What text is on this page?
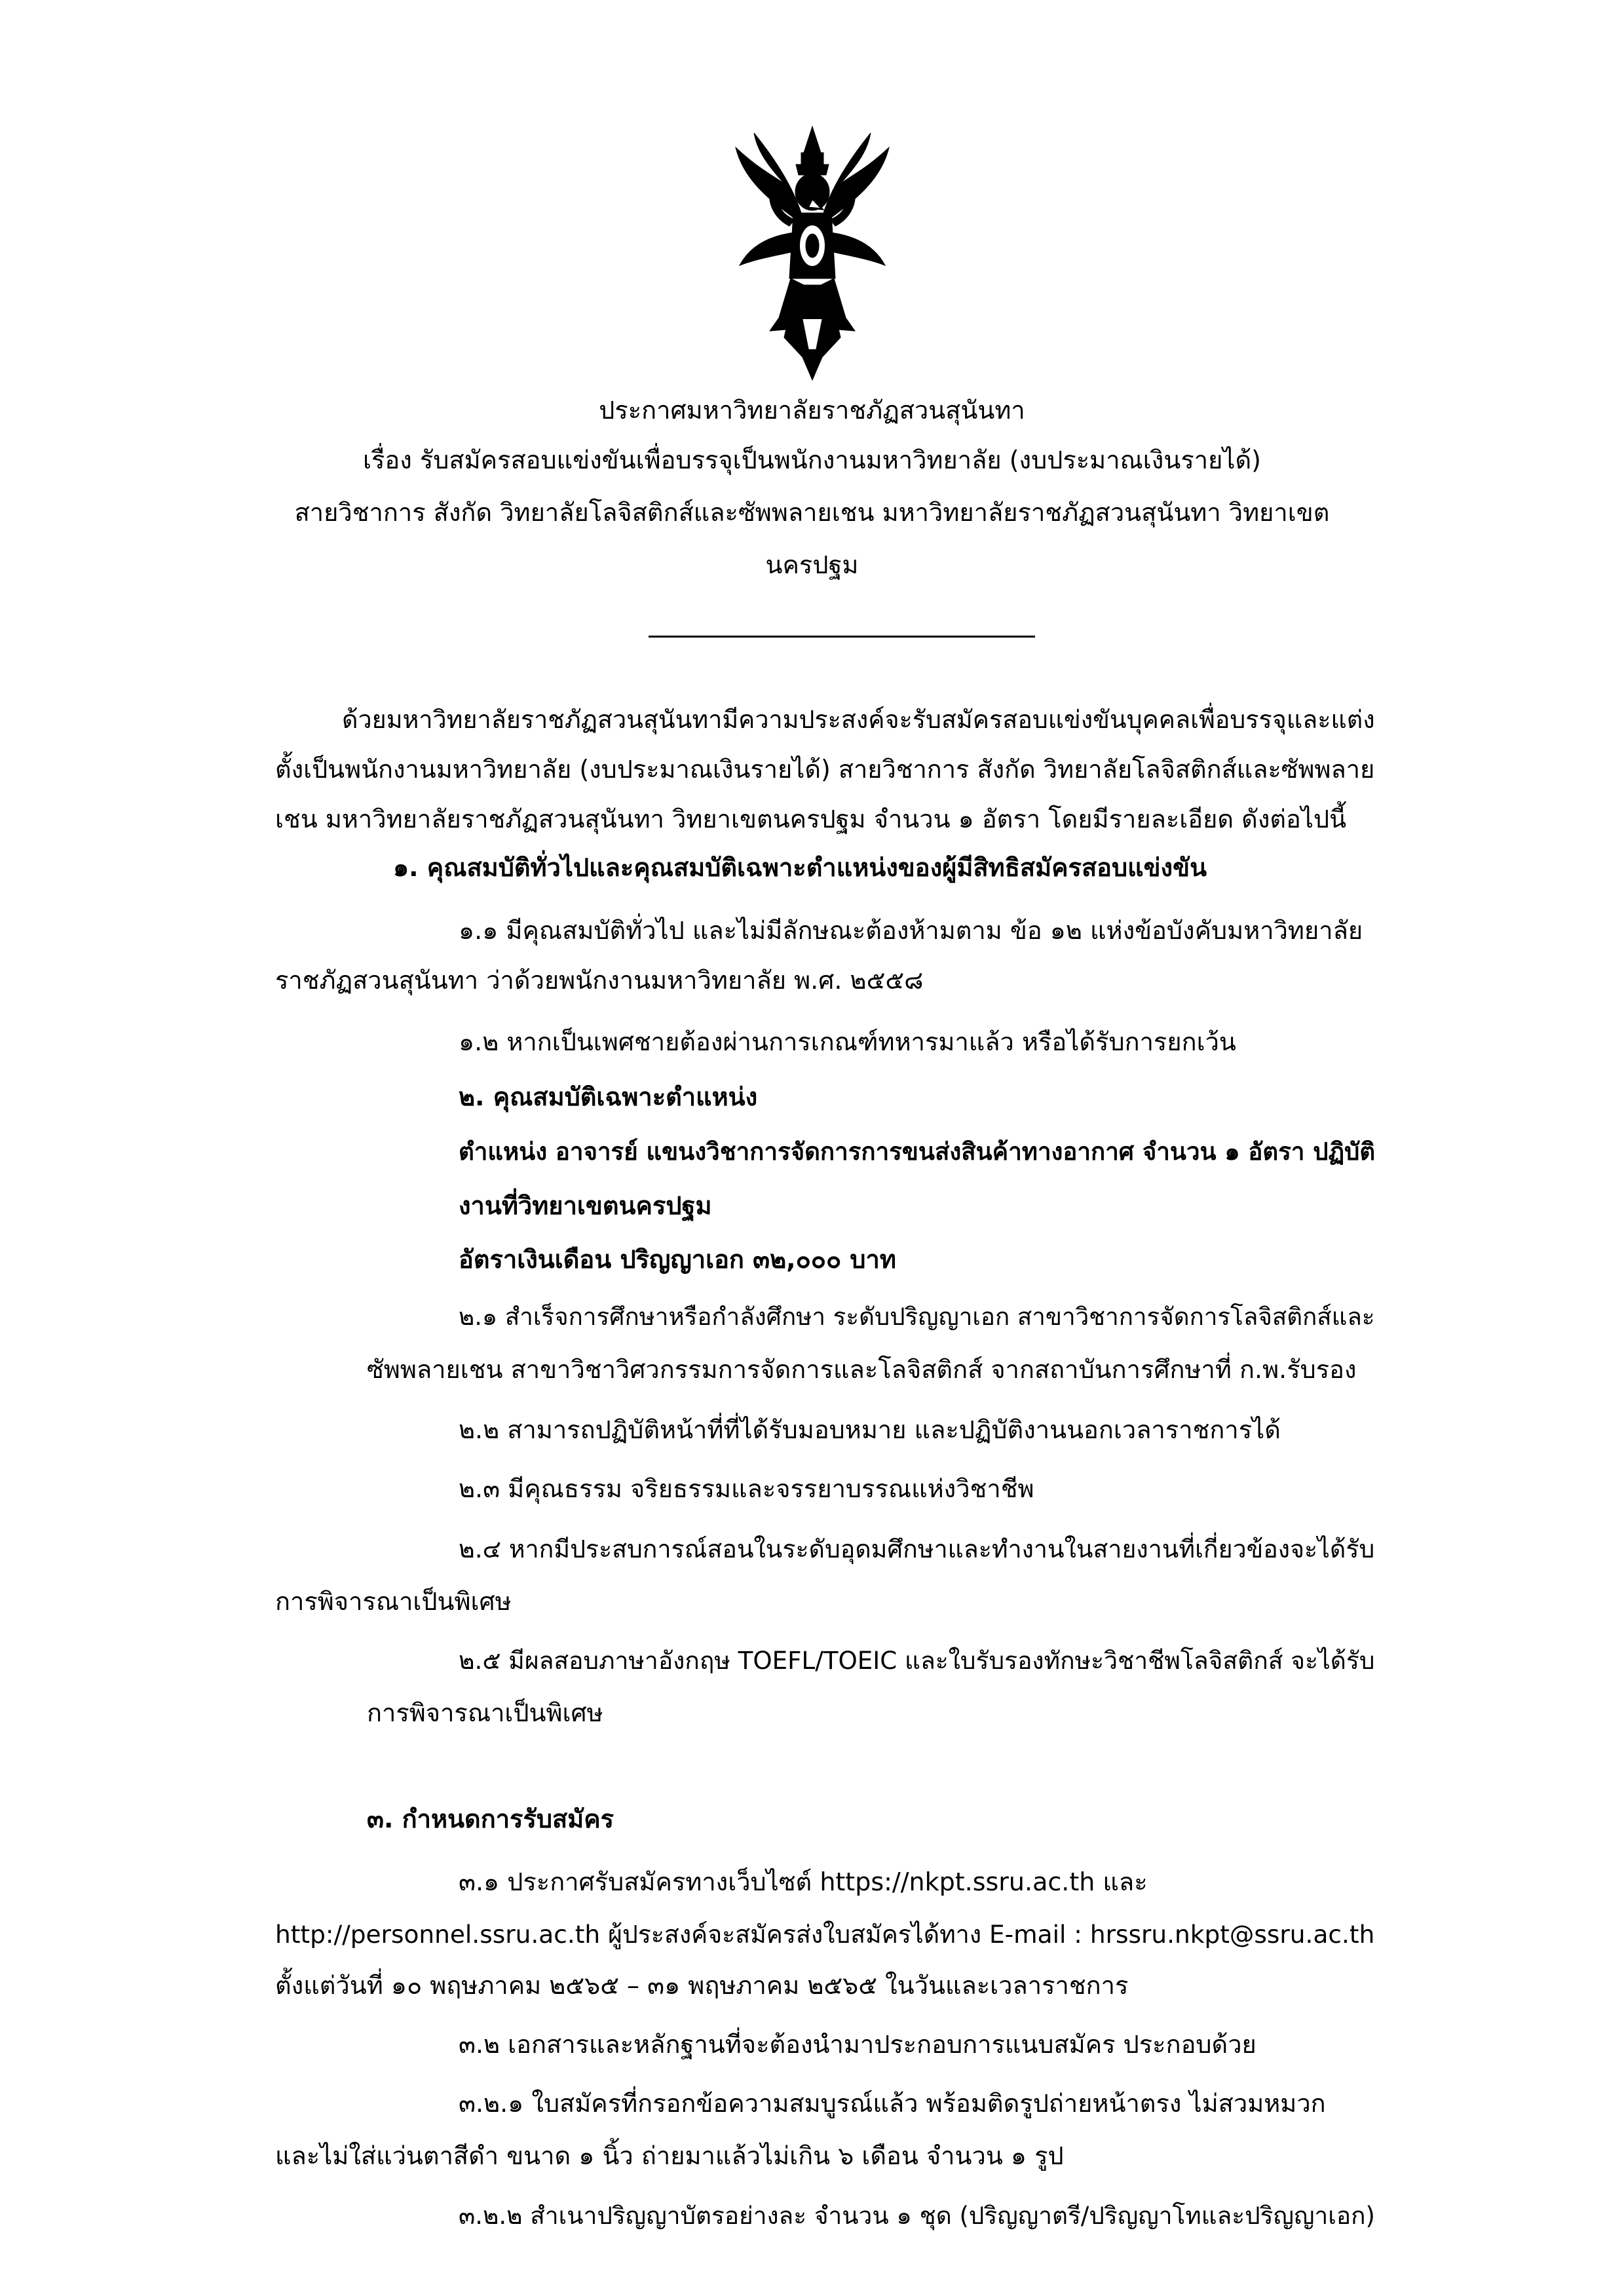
ประกาศมหาวิทยาลัยราชภัฏสวนสุนันทา
เรื่อง รับสมัครสอบแข่งขันเพื่อบรรจุเป็นพนักงานมหาวิทยาลัย (งบประมาณเงินรายได้)
สายวิชาการ สังกัด วิทยาลัยโลจิสติกส์และซัพพลายเชน มหาวิทยาลัยราชภัฏสวนสุนันทา วิทยาเขต
นครปฐม
ด้วยมหาวิทยาลัยราชภัฏสวนสุนันทามีความประสงค์จะรับสมัครสอบแข่งขันบุคคลเพื่อบรรจุและแต่ง
ตั้งเป็นพนักงานมหาวิทยาลัย (งบประมาณเงินรายได้) สายวิชาการ สังกัด วิทยาลัยโลจิสติกส์และซัพพลาย
เชน มหาวิทยาลัยราชภัฏสวนสุนันทา วิทยาเขตนครปฐม จำนวน ๑ อัตรา โดยมีรายละเอียด ดังต่อไปนี้
๑. คุณสมบัติทั่วไปและคุณสมบัติเฉพาะตำแหน่งของผู้มีสิทธิสมัครสอบแข่งขัน
๑.๑ มีคุณสมบัติทั่วไป และไม่มีลักษณะต้องห้ามตาม ข้อ ๑๒ แห่งข้อบังคับมหาวิทยาลัย
ราชภัฏสวนสุนันทา ว่าด้วยพนักงานมหาวิทยาลัย พ.ศ. ๒๕๕๘
๑.๒ หากเป็นเพศชายต้องผ่านการเกณฑ์ทหารมาแล้ว หรือได้รับการยกเว้น
๒. คุณสมบัติเฉพาะตำแหน่ง
ตำแหน่ง อาจารย์ แขนงวิชาการจัดการการขนส่งสินค้าทางอากาศ จำนวน ๑ อัตรา ปฏิบัติ
งานที่วิทยาเขตนครปฐม
อัตราเงินเดือน ปริญญาเอก ๓๒,๐๐๐ บาท
๒.๑ สำเร็จการศึกษาหรือกำลังศึกษา ระดับปริญญาเอก สาขาวิชาการจัดการโลจิสติกส์และ
ซัพพลายเชน สาขาวิชาวิศวกรรมการจัดการและโลจิสติกส์ จากสถาบันการศึกษาที่ ก.พ.รับรอง
๒.๒ สามารถปฏิบัติหน้าที่ที่ได้รับมอบหมาย และปฏิบัติงานนอกเวลาราชการได้
๒.๓ มีคุณธรรม จริยธรรมและจรรยาบรรณแห่งวิชาชีพ
๒.๔ หากมีประสบการณ์สอนในระดับอุดมศึกษาและทำงานในสายงานที่เกี่ยวข้องจะได้รับ
การพิจารณาเป็นพิเศษ
๒.๕ มีผลสอบภาษาอังกฤษ TOEFL/TOEIC และใบรับรองทักษะวิชาชีพโลจิสติกส์ จะได้รับ
การพิจารณาเป็นพิเศษ
๓. กำหนดการรับสมัคร
๓.๑ ประกาศรับสมัครทางเว็บไซต์ https://nkpt.ssru.ac.th และ
http://personnel.ssru.ac.th ผู้ประสงค์จะสมัครส่งใบสมัครได้ทาง E-mail : hrssru.nkpt@ssru.ac.th
ตั้งแต่วันที่ ๑๐ พฤษภาคม ๒๕๖๕ – ๓๑ พฤษภาคม ๒๕๖๕ ในวันและเวลาราชการ
๓.๒ เอกสารและหลักฐานที่จะต้องนำมาประกอบการแนบสมัคร ประกอบด้วย
๓.๒.๑ ใบสมัครที่กรอกข้อความสมบูรณ์แล้ว พร้อมติดรูปถ่ายหน้าตรง ไม่สวมหมวก
และไม่ใส่แว่นตาสีดำ ขนาด ๑ นิ้ว ถ่ายมาแล้วไม่เกิน ๖ เดือน จำนวน ๑ รูป
๓.๒.๒ สำเนาปริญญาบัตรอย่างละ จำนวน ๑ ชุด (ปริญญาตรี/ปริญญาโทและปริญญาเอก)
